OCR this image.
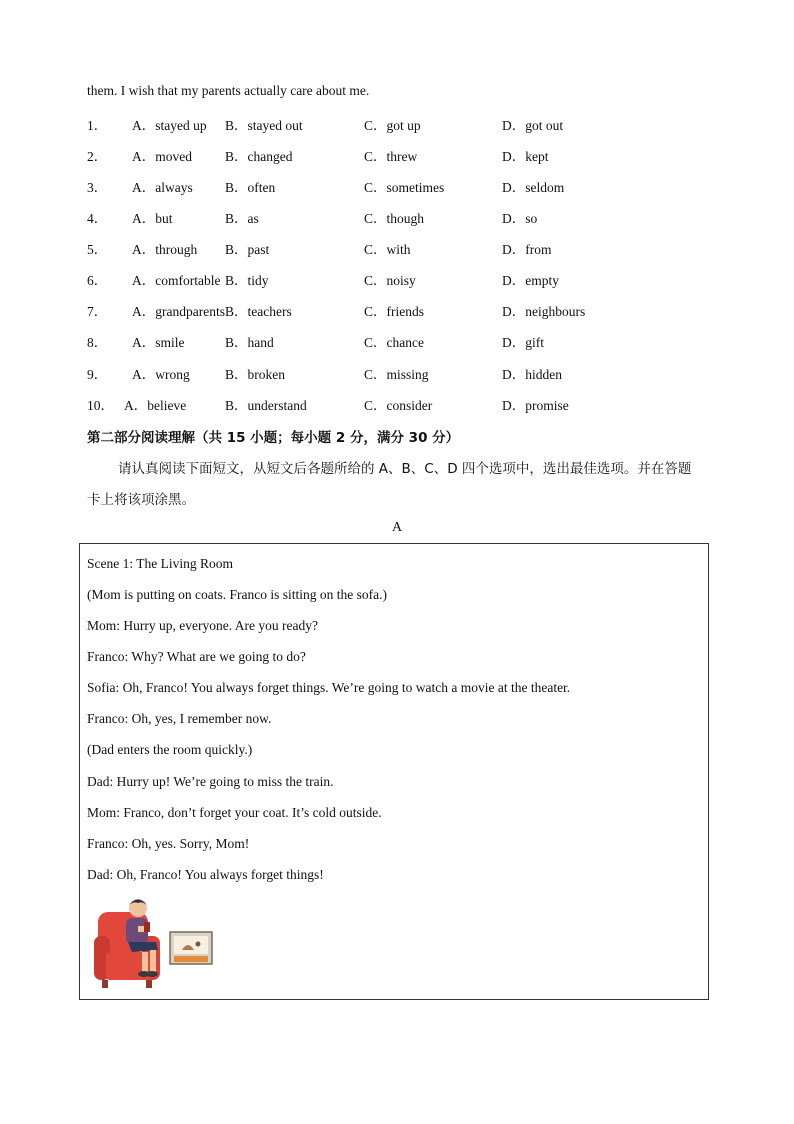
them. I wish that my parents actually care about me.
1． A．stayed up B．stayed out	C．got up	D．got out
2． A．moved B．changed	C．threw	D．kept
3． A．always B．often	C．sometimes	D．seldom
4． A．but	B．as	C．though	D．so
5． A．through B．past	C．with	D．from
6． A．comfortable B．tidy	C．noisy	D．empty
7． A．grandparents B．teachers	C．friends	D．neighbours
8． A．smile	B．hand	C．chance	D．gift
9． A．wrong	B．broken	C．missing	D．hidden
10． A．believe	B．understand	C．consider	D．promise
第二部分阅读理解（共 15 小题；每小题 2 分，满分 30 分）
请认真阅读下面短文，从短文后各题所给的 A、B、C、D 四个选项中，选出最佳选项。并在答题
卡上将该项涂黑。
A
Scene 1: The Living Room
(Mom is putting on coats. Franco is sitting on the sofa.)
Mom: Hurry up, everyone. Are you ready?
Franco: Why? What are we going to do?
Sofia: Oh, Franco! You always forget things. We’re going to watch a movie at the theater.
Franco: Oh, yes, I remember now.
(Dad enters the room quickly.)
Dad: Hurry up! We’re going to miss the train.
Mom: Franco, don’t forget your coat. It’s cold outside.
Franco: Oh, yes. Sorry, Mom!
Dad: Oh, Franco! You always forget things!
